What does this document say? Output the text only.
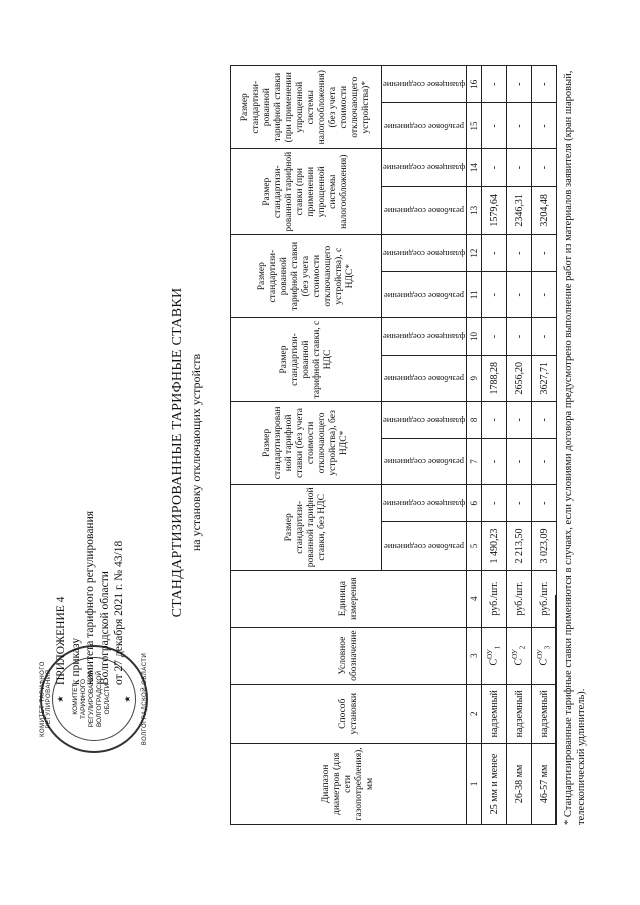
КОМИТЕТ ТАРИФНОГО РЕГУЛИРОВАНИЯ ★ КОМИТЕТ ТАРИФНОГО РЕГУЛИРОВАНИЯ ВОЛГОГРАДСКОЙ ОБЛАСТИ ★ ВОЛГОГРАДСКОЙ ОБЛАСТИ
ПРИЛОЖЕНИЕ 4 к приказу комитета тарифного регулирования Волгоградской области от 27 декабря 2021 г. № 43/18	СТАНДАРТИЗИРОВАННЫЕ ТАРИФНЫЕ СТАВКИ на установку отключающих устройств
Диапазон диаметров (для сети газопотребления), мм	Способ установки	Условное обозначение	Единица измерения	Размер стандартизи-рованной тарифной ставки, без НДС		Размер стандартизирован ной тарифной ставки (без учета стоимости отключающего устройства), без НДС*		Размер стандартизи-рованной тарифной ставки, с НДС		Размер стандартизи-рованной тарифной ставки (без учета стоимости отключающего устройства), с НДС*		Размер стандартизи-рованной тарифной ставки (при применении упрощенной системы налогообложения)		Размер стандартизи-рованной тарифной ставки (при применении упрощенной системы налогообложения) (без учета стоимости отключающего устройства)*	

				резьбовое соединение	фланцевое соединение	резьбовое соединение	фланцевое соединение	резьбовое соединение	фланцевое соединение	резьбовое соединение	фланцевое соединение	резьбовое соединение	фланцевое соединение	резьбовое соединение	фланцевое соединение

1	2	3	4	5	6	7	8	9	10	11	12	13	14	15	16
25 мм и менее	надземный	$С^{ОУ}_1$	руб./шт.	1 490,23	-	-	-	1788,28	-	-	-	1579,64	-	-	-
26-38 мм	надземный	$С^{ОУ}_2$	руб./шт.	2 213,50	-	-	-	2656,20	-	-	-	2346,31	-	-	-
46-57 мм	надземный	$С^{ОУ}_3$	руб./шт.	3 023,09	-	-	-	3627,71	-	-	-	3204,48	-	-	- * Стандартизированные тарифные ставки применяются в случаях, если условиями договора предусмотрено выполнение работ из материалов заявителя (кран шаровый, телескопический удлинитель).
